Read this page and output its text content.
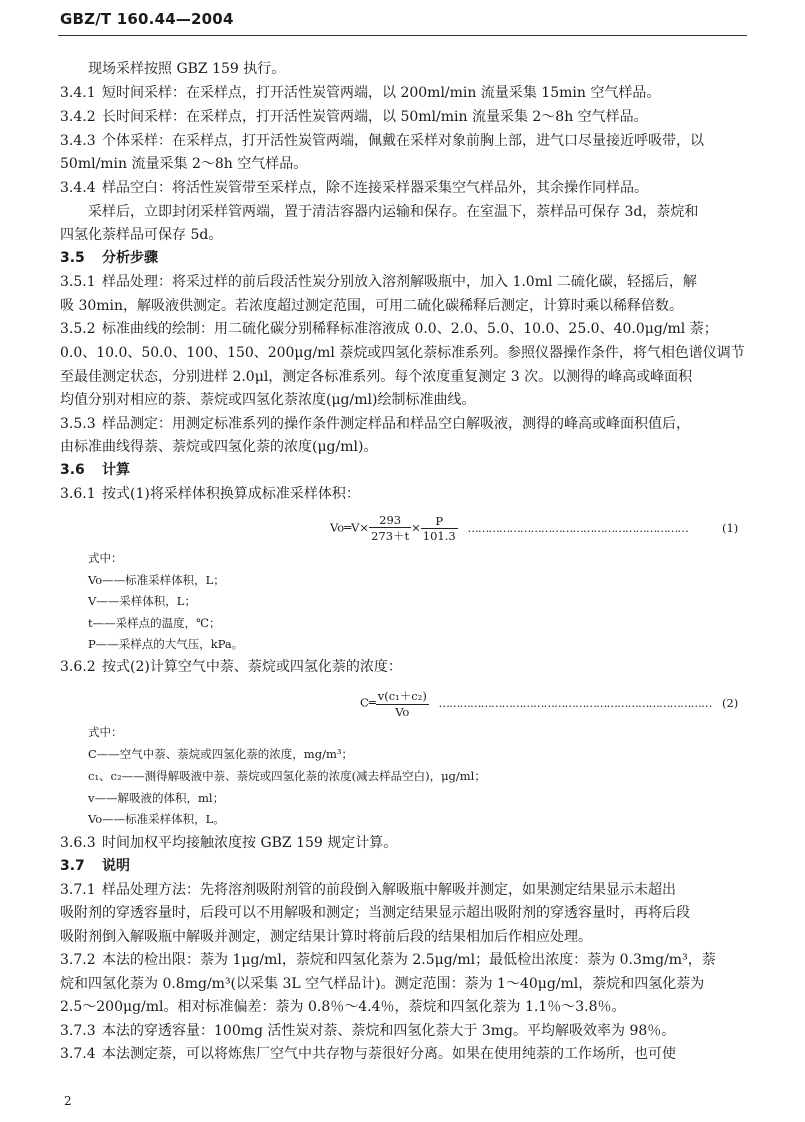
GBZ/T 160.44—2004
现场采样按照 GBZ 159 执行。
3.4.1 短时间采样：在采样点，打开活性炭管两端，以 200ml/min 流量采集 15min 空气样品。
3.4.2 长时间采样：在采样点，打开活性炭管两端，以 50ml/min 流量采集 2～8h 空气样品。
3.4.3 个体采样：在采样点，打开活性炭管两端，佩戴在采样对象前胸上部，进气口尽量接近呼吸带，以
50ml/min 流量采集 2～8h 空气样品。
3.4.4 样品空白：将活性炭管带至采样点，除不连接采样器采集空气样品外，其余操作同样品。
采样后，立即封闭采样管两端，置于清洁容器内运输和保存。在室温下，萘样品可保存 3d，萘烷和
四氢化萘样品可保存 5d。
3.5 分析步骤
3.5.1 样品处理：将采过样的前后段活性炭分别放入溶剂解吸瓶中，加入 1.0ml 二硫化碳，轻摇后，解
吸 30min，解吸液供测定。若浓度超过测定范围，可用二硫化碳稀释后测定，计算时乘以稀释倍数。
3.5.2 标准曲线的绘制：用二硫化碳分别稀释标准溶液成 0.0、2.0、5.0、10.0、25.0、40.0μg/ml 萘；
0.0、10.0、50.0、100、150、200μg/ml 萘烷或四氢化萘标准系列。参照仪器操作条件，将气相色谱仪调节
至最佳测定状态，分别进样 2.0μl，测定各标准系列。每个浓度重复测定 3 次。以测得的峰高或峰面积
均值分别对相应的萘、萘烷或四氢化萘浓度(μg/ml)绘制标准曲线。
3.5.3 样品测定：用测定标准系列的操作条件测定样品和样品空白解吸液，测得的峰高或峰面积值后，
由标准曲线得萘、萘烷或四氢化萘的浓度(μg/ml)。
3.6 计算
3.6.1 按式(1)将采样体积换算成标准采样体积：
Vo═V× $\frac{293}{273+t} \times \frac{P}{101.3}$ ………………………………………………………	(1)
式中：
Vo——标准采样体积，L；
V——采样体积，L；
t——采样点的温度，℃；
P——采样点的大气压，kPa。
3.6.2 按式(2)计算空气中萘、萘烷或四氢化萘的浓度：
C═ $\frac{\text{v(c₁＋c₂)}}{Vo}$ …………………………………………………………………… (2)
式中：
C——空气中萘、萘烷或四氢化萘的浓度，mg/m³；
c₁、c₂——测得解吸液中萘、萘烷或四氢化萘的浓度(减去样品空白)，μg/ml；
v——解吸液的体积，ml；
Vo——标准采样体积，L。
3.6.3 时间加权平均接触浓度按 GBZ 159 规定计算。
3.7 说明
3.7.1 样品处理方法：先将溶剂吸附剂管的前段倒入解吸瓶中解吸并测定，如果测定结果显示未超出
吸附剂的穿透容量时，后段可以不用解吸和测定；当测定结果显示超出吸附剂的穿透容量时，再将后段
吸附剂倒入解吸瓶中解吸并测定，测定结果计算时将前后段的结果相加后作相应处理。
3.7.2 本法的检出限：萘为 1μg/ml，萘烷和四氢化萘为 2.5μg/ml；最低检出浓度：萘为 0.3mg/m³，萘
烷和四氢化萘为 0.8mg/m³(以采集 3L 空气样品计)。测定范围：萘为 1～40μg/ml，萘烷和四氢化萘为
2.5～200μg/ml。相对标准偏差：萘为 0.8％～4.4％，萘烷和四氢化萘为 1.1％～3.8％。
3.7.3 本法的穿透容量：100mg 活性炭对萘、萘烷和四氢化萘大于 3mg。平均解吸效率为 98％。
3.7.4 本法测定萘，可以将炼焦厂空气中共存物与萘很好分离。如果在使用纯萘的工作场所，也可使
2
